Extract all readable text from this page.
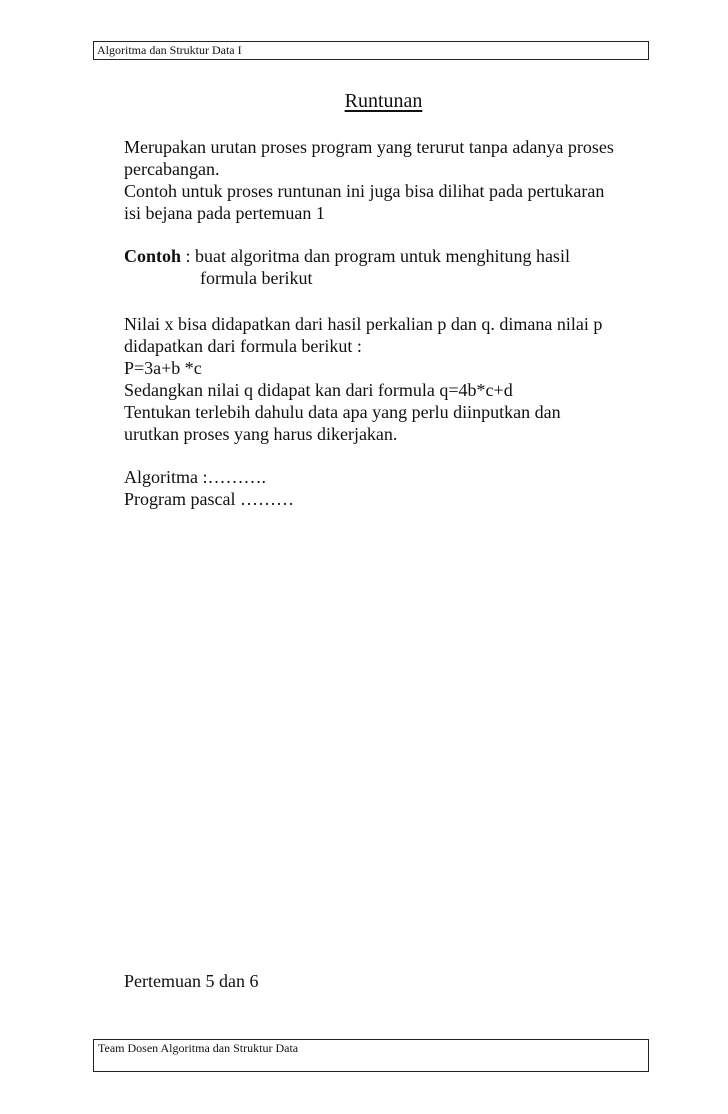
Algoritma dan Struktur Data I
Runtunan
Merupakan urutan proses program yang terurut tanpa adanya proses
percabangan.
Contoh untuk proses runtunan ini juga bisa dilihat pada pertukaran
isi bejana pada pertemuan 1
Contoh : buat algoritma dan program untuk menghitung hasil
formula berikut
Nilai x bisa didapatkan dari hasil perkalian p dan q. dimana nilai p
didapatkan dari formula berikut :
P=3a+b *c
Sedangkan nilai q didapat kan dari formula q=4b*c+d
Tentukan terlebih dahulu data apa yang perlu diinputkan dan
urutkan proses yang harus dikerjakan.
Algoritma :……….
Program pascal ………
Pertemuan 5 dan 6
Team Dosen Algoritma dan Struktur Data
